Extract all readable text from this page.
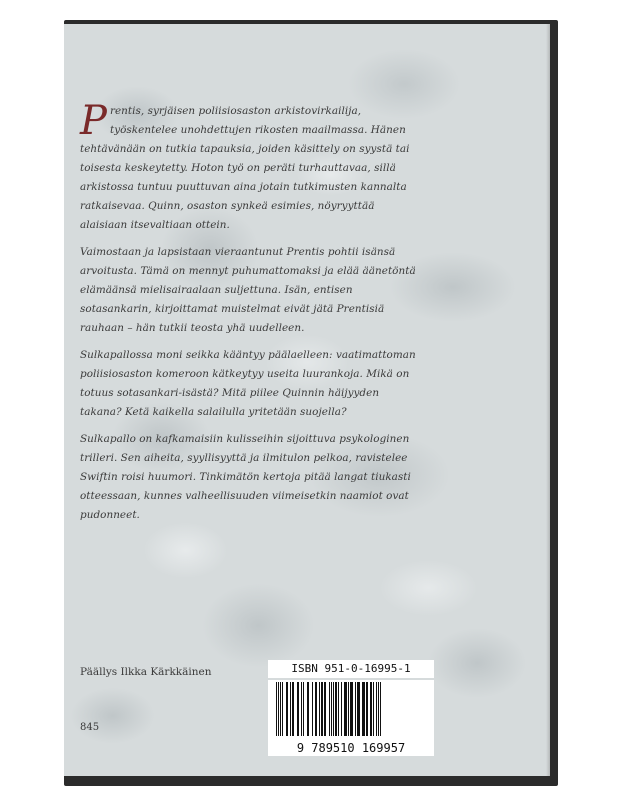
Prentis, syrjäisen poliisiosaston arkistovirkailija, työskentelee unohdettujen rikosten maailmassa. Hänen tehtävänään on tutkia tapauksia, joiden käsittely on syystä tai toisesta keskeytetty. Hoton työ on peräti turhauttavaa, sillä arkistossa tuntuu puuttuvan aina jotain tutkimusten kannalta ratkaisevaa. Quinn, osaston synkeä esimies, nöyryyttää alaisiaan itsevaltiaan ottein.

Vaimostaan ja lapsistaan vieraantunut Prentis pohtii isänsä arvoitusta. Tämä on mennyt puhumattomaksi ja elää äänetöntä elämäänsä mielisairaalaan suljettuna. Isän, entisen sotasankarin, kirjoittamat muistelmat eivät jätä Prentisiä rauhaan – hän tutkii teosta yhä uudelleen.

Sulkapallossa moni seikka kääntyy päälaelleen: vaatimattoman poliisiosaston komeroon kätkeytyy useita luurankoja. Mikä on totuus sotasankari-isästä? Mitä piilee Quinnin häijyyden takana? Ketä kaikella salailulla yritetään suojella?

Sulkapallo on kafkamaisiin kulisseihin sijoittuva psykologinen trilleri. Sen aiheita, syyllisyyttä ja ilmitulon pelkoa, ravistelee Swiftin roisi huumori. Tinkimätön kertoja pitää langat tiukasti otteessaan, kunnes valheellisuuden viimeisetkin naamiot ovat pudonneet.

Päällys Ilkka Kärkkäinen
845
ISBN 951-0-16995-1
9 789510 169957
